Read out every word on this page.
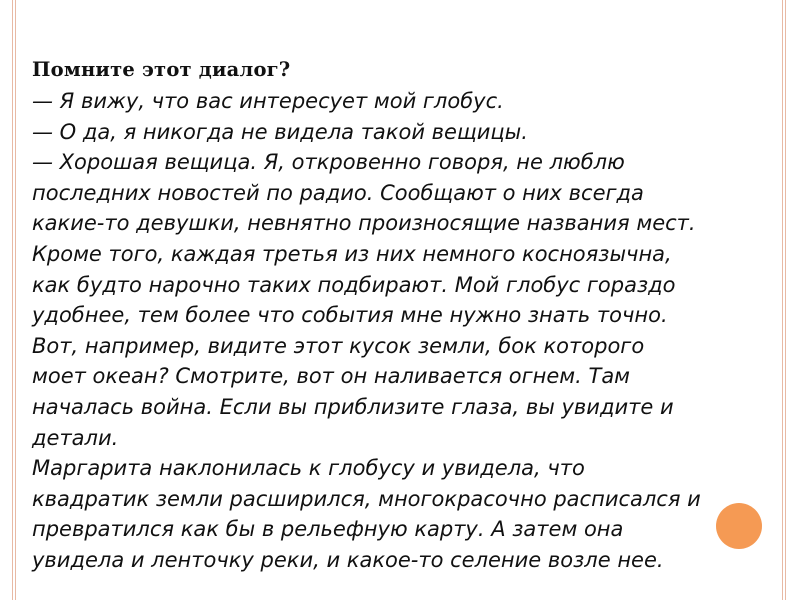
Помните этот диалог?
— Я вижу, что вас интересует мой глобус.
— О да, я никогда не видела такой вещицы.
— Хорошая вещица. Я, откровенно говоря, не люблю
последних новостей по радио. Сообщают о них всегда
какие-то девушки, невнятно произносящие названия мест.
Кроме того, каждая третья из них немного косноязычна,
как будто нарочно таких подбирают. Мой глобус гораздо
удобнее, тем более что события мне нужно знать точно.
Вот, например, видите этот кусок земли, бок которого
моет океан? Смотрите, вот он наливается огнем. Там
началась война. Если вы приблизите глаза, вы увидите и
детали.
Маргарита наклонилась к глобусу и увидела, что
квадратик земли расширился, многокрасочно расписался и
превратился как бы в рельефную карту. А затем она
увидела и ленточку реки, и какое-то селение возле нее.
